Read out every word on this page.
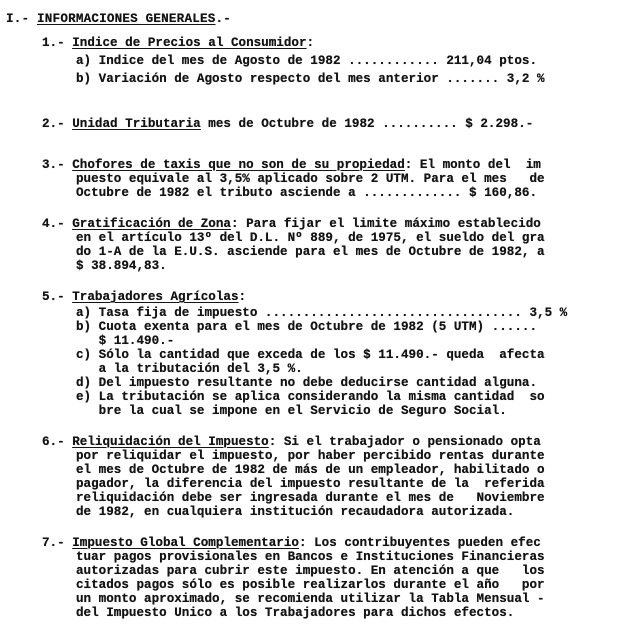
I.- INFORMACIONES GENERALES.-
1.- Indice de Precios al Consumidor:
a) Indice del mes de Agosto de 1982 ............ 211,04 ptos.
b) Variación de Agosto respecto del mes anterior ....... 3,2 %
2.- Unidad Tributaria mes de Octubre de 1982 .......... $ 2.298.-
3.- Chofores de taxis que no son de su propiedad: El monto del  im
puesto equivale al 3,5% aplicado sobre 2 UTM. Para el mes   de
Octubre de 1982 el tributo asciende a ............. $ 160,86.
4.- Gratificación de Zona: Para fijar el limite máximo establecido
en el artículo 13º del D.L. Nº 889, de 1975, el sueldo del gra
do 1-A de la E.U.S. asciende para el mes de Octubre de 1982, a
$ 38.894,83.
5.- Trabajadores Agrícolas:
a) Tasa fija de impuesto .................................. 3,5 %
b) Cuota exenta para el mes de Octubre de 1982 (5 UTM) ......
$ 11.490.-
c) Sólo la cantidad que exceda de los $ 11.490.- queda  afecta
a la tributación del 3,5 %.
d) Del impuesto resultante no debe deducirse cantidad alguna.
e) La tributación se aplica considerando la misma cantidad  so
bre la cual se impone en el Servicio de Seguro Social.
6.- Reliquidación del Impuesto: Si el trabajador o pensionado opta
por reliquidar el impuesto, por haber percibido rentas durante
el mes de Octubre de 1982 de más de un empleador, habilitado o
pagador, la diferencia del impuesto resultante de la  referida
reliquidación debe ser ingresada durante el mes de   Noviembre
de 1982, en cualquiera institución recaudadora autorizada.
7.- Impuesto Global Complementario: Los contribuyentes pueden efec
tuar pagos provisionales en Bancos e Instituciones Financieras
autorizadas para cubrir este impuesto. En atención a que   los
citados pagos sólo es posible realizarlos durante el año   por
un monto aproximado, se recomienda utilizar la Tabla Mensual -
del Impuesto Unico a los Trabajadores para dichos efectos.
